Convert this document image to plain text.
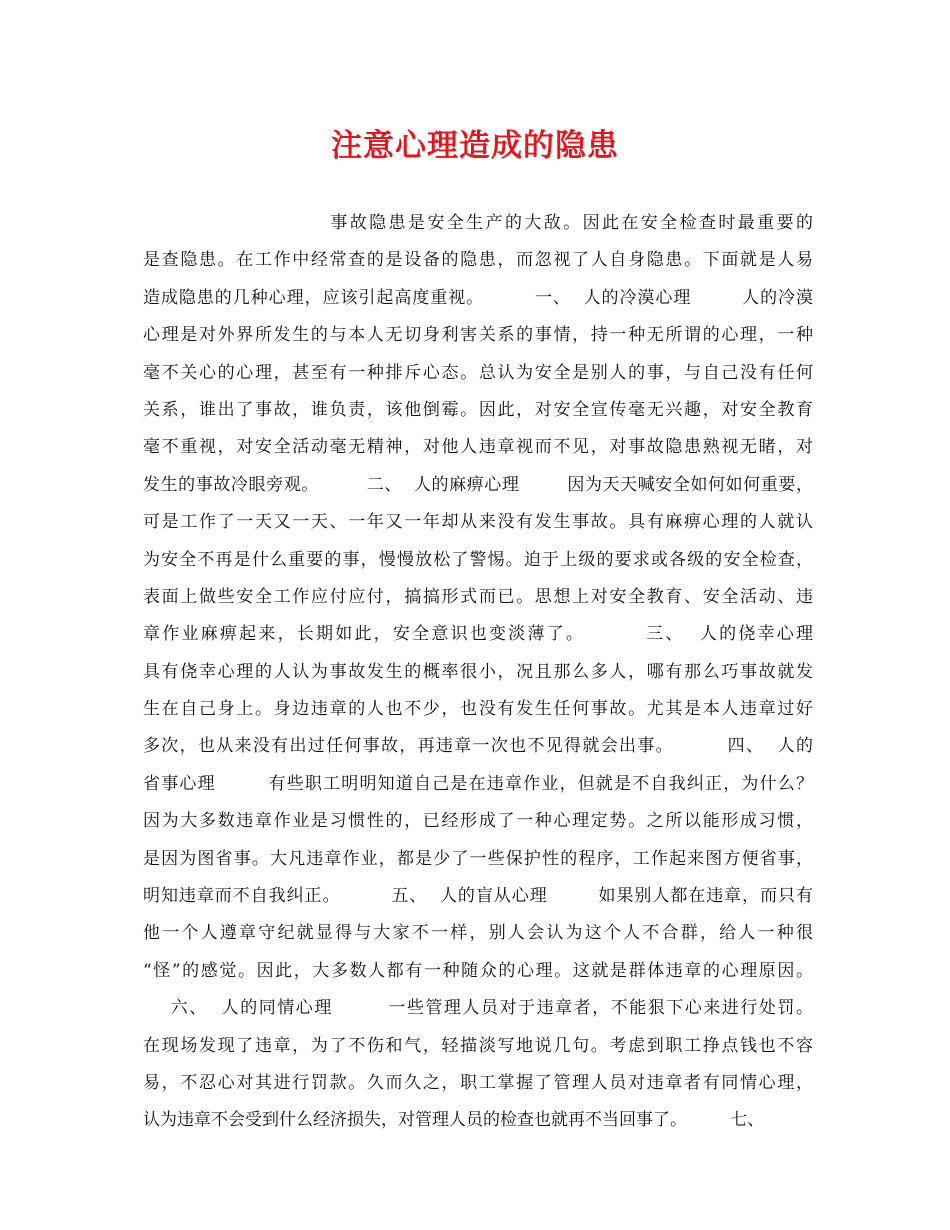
注意心理造成的隐患
事故隐患是安全生产的大敌。因此在安全检查时最重要的
是查隐患。在工作中经常查的是设备的隐患，而忽视了人自身隐患。下面就是人易
造成隐患的几种心理，应该引起高度重视。        一、  人的冷漠心理        人的冷漠
心理是对外界所发生的与本人无切身利害关系的事情，持一种无所谓的心理，一种
毫不关心的心理，甚至有一种排斥心态。总认为安全是别人的事，与自己没有任何
关系，谁出了事故，谁负责，该他倒霉。因此，对安全宣传毫无兴趣，对安全教育
毫不重视，对安全活动毫无精神，对他人违章视而不见，对事故隐患熟视无睹，对
发生的事故冷眼旁观。        二、  人的麻痹心理        因为天天喊安全如何如何重要，
可是工作了一天又一天、一年又一年却从来没有发生事故。具有麻痹心理的人就认
为安全不再是什么重要的事，慢慢放松了警惕。迫于上级的要求或各级的安全检查，
表面上做些安全工作应付应付，搞搞形式而已。思想上对安全教育、安全活动、违
章作业麻痹起来，长期如此，安全意识也变淡薄了。        三、  人的侥幸心理
具有侥幸心理的人认为事故发生的概率很小，况且那么多人，哪有那么巧事故就发
生在自己身上。身边违章的人也不少，也没有发生任何事故。尤其是本人违章过好
多次，也从来没有出过任何事故，再违章一次也不见得就会出事。        四、  人的
省事心理        有些职工明明知道自己是在违章作业，但就是不自我纠正，为什么？
因为大多数违章作业是习惯性的，已经形成了一种心理定势。之所以能形成习惯，
是因为图省事。大凡违章作业，都是少了一些保护性的程序，工作起来图方便省事，
明知违章而不自我纠正。        五、  人的盲从心理        如果别人都在违章，而只有
他一个人遵章守纪就显得与大家不一样，别人会认为这个人不合群，给人一种很
“怪”的感觉。因此，大多数人都有一种随众的心理。这就是群体违章的心理原因。
六、  人的同情心理        一些管理人员对于违章者，不能狠下心来进行处罚。
在现场发现了违章，为了不伤和气，轻描淡写地说几句。考虑到职工挣点钱也不容
易，不忍心对其进行罚款。久而久之，职工掌握了管理人员对违章者有同情心理，
认为违章不会受到什么经济损失，对管理人员的检查也就再不当回事了。        七、
